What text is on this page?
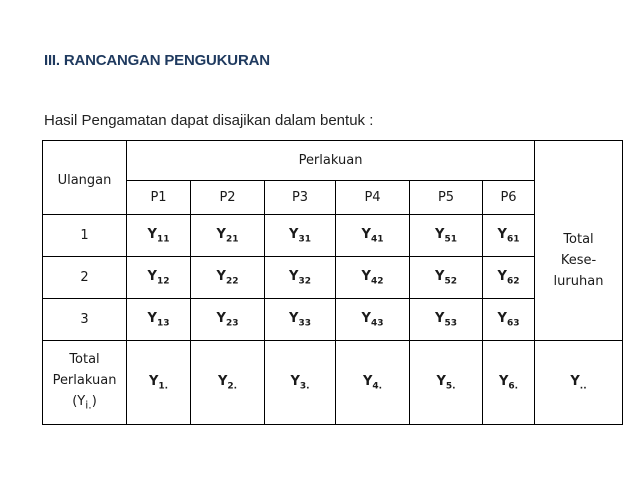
III. RANCANGAN PENGUKURAN
Hasil Pengamatan dapat disajikan dalam bentuk :
Ulangan	Perlakuan						
	P1	P2	P3	P4	P5	P6	Total
Kese-
luruhan

1	$Y_{11}$	$Y_{21}$	$Y_{31}$	$Y_{41}$	$Y_{51}$	$Y_{61}$
2	$Y_{12}$	$Y_{22}$	$Y_{32}$	$Y_{42}$	$Y_{52}$	$Y_{62}$
3	$Y_{13}$	$Y_{23}$	$Y_{33}$	$Y_{43}$	$Y_{53}$	$Y_{63}$

Total
Perlakuan
$(Y_{i.})$	$Y_{1.}$	$Y_{2.}$	$Y_{3.}$	$Y_{4.}$	$Y_{5.}$	$Y_{6.}$	$Y_{..}$
